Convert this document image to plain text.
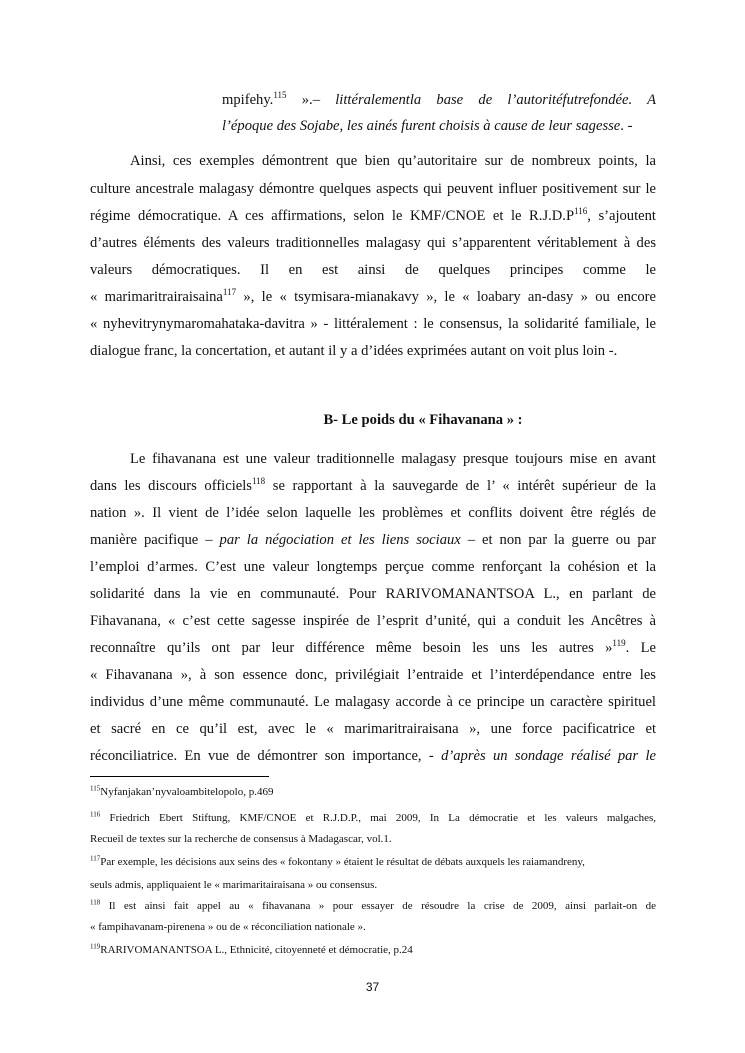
mpifehy.$^{115}$ ».– littéralementla base de l’autoritéfutrefondée. A
l’époque des Sojabe, les ainés furent choisis à cause de leur sagesse. -
Ainsi, ces exemples démontrent que bien qu’autoritaire sur de nombreux points, la
culture ancestrale malagasy démontre quelques aspects qui peuvent influer positivement sur le
régime démocratique. A ces affirmations, selon le KMF/CNOE et le $R.J.D.P^{116}$, s’ajoutent
d’autres éléments des valeurs traditionnelles malagasy qui s’apparentent véritablement à des
valeurs démocratiques. Il en est ainsi de quelques principes comme le
« marimaritrairaisaina$^{117}$ », le « tsymisara-mianakavy », le « loabary an-dasy » ou encore
« nyhevitrynymaromahataka-davitra » - littéralement : le consensus, la solidarité familiale, le
dialogue franc, la concertation, et autant il y a d’idées exprimées autant on voit plus loin -.
B- Le poids du « Fihavanana » :
Le fihavanana est une valeur traditionnelle malagasy presque toujours mise en avant
dans les discours officiels$^{118}$ se rapportant à la sauvegarde de l’ « intérêt supérieur de la
nation ». Il vient de l’idée selon laquelle les problèmes et conflits doivent être réglés de
manière pacifique – par la négociation et les liens sociaux – et non par la guerre ou par
l’emploi d’armes. C’est une valeur longtemps perçue comme renforçant la cohésion et la
solidarité dans la vie en communauté. Pour RARIVOMANANTSOA L., en parlant de
Fihavanana, « c’est cette sagesse inspirée de l’esprit d’unité, qui a conduit les Ancêtres à
reconnaître qu’ils ont par leur différence même besoin les uns les autres »$^{119}$. Le
« Fihavanana », à son essence donc, privilégiait l’entraide et l’interdépendance entre les
individus d’une même communauté. Le malagasy accorde à ce principe un caractère spirituel
et sacré en ce qu’il est, avec le « marimaritrairaisana », une force pacificatrice et
réconciliatrice. En vue de démontrer son importance, - d’après un sondage réalisé par le
$^{115}$Nyfanjakan’nyvaloambitelopolo, p.469
$^{116}$ Friedrich Ebert Stiftung, KMF/CNOE et R.J.D.P., mai 2009, In La démocratie et les valeurs malgaches,
Recueil de textes sur la recherche de consensus à Madagascar, vol.1.
$^{117}$Par exemple, les décisions aux seins des « fokontany » étaient le résultat de débats auxquels les raiamandreny,
seuls admis, appliquaient le « marimaritairaisana » ou consensus.
$^{118}$ Il est ainsi fait appel au « fihavanana » pour essayer de résoudre la crise de 2009, ainsi parlait-on de
« fampihavanam-pirenena » ou de « réconciliation nationale ».
$^{119}$RARIVOMANANTSOA L., Ethnicité, citoyenneté et démocratie, p.24
37
